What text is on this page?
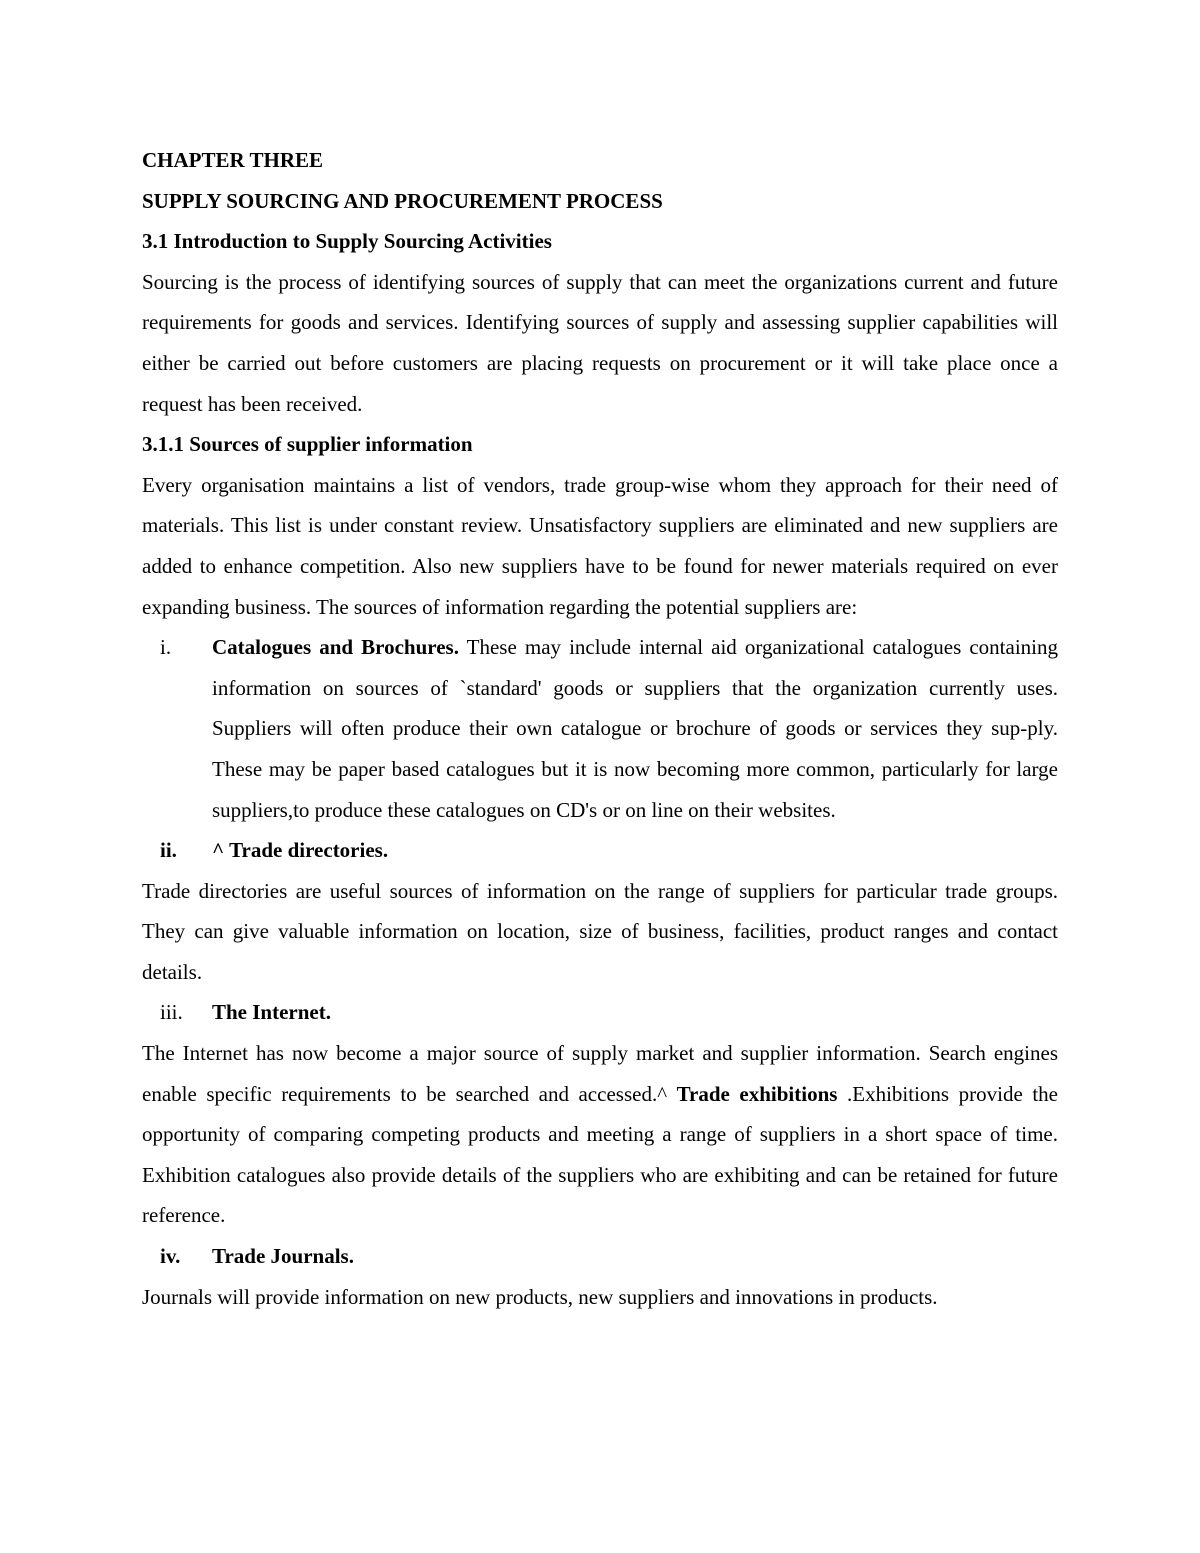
CHAPTER THREE

SUPPLY SOURCING AND PROCUREMENT PROCESS

3.1 Introduction to Supply Sourcing Activities

Sourcing is the process of identifying sources of supply that can meet the organizations current and future requirements for goods and services. Identifying sources of supply and assessing supplier capabilities will either be carried out before customers are placing requests on procurement or it will take place once a request has been received.

3.1.1 Sources of supplier information

Every organisation maintains a list of vendors, trade group-wise whom they approach for their need of materials. This list is under constant review. Unsatisfactory suppliers are eliminated and new suppliers are added to enhance competition. Also new suppliers have to be found for newer materials required on ever expanding business. The sources of information regarding the potential suppliers are:

i. Catalogues and Brochures. These may include internal aid organizational catalogues containing information on sources of `standard' goods or suppliers that the organization currently uses. Suppliers will often produce their own catalogue or brochure of goods or services they sup-ply. These may be paper based catalogues but it is now becoming more common, particularly for large suppliers,to produce these catalogues on CD's or on line on their websites.
ii. ^ Trade directories.

Trade directories are useful sources of information on the range of suppliers for particular trade groups. They can give valuable information on location, size of business, facilities, product ranges and contact details.

iii. The Internet.

The Internet has now become a major source of supply market and supplier information. Search engines enable specific requirements to be searched and accessed.^ Trade exhibitions .Exhibitions provide the opportunity of comparing competing products and meeting a range of suppliers in a short space of time. Exhibition catalogues also provide details of the suppliers who are exhibiting and can be retained for future reference.

iv. Trade Journals.

Journals will provide information on new products, new suppliers and innovations in products.
